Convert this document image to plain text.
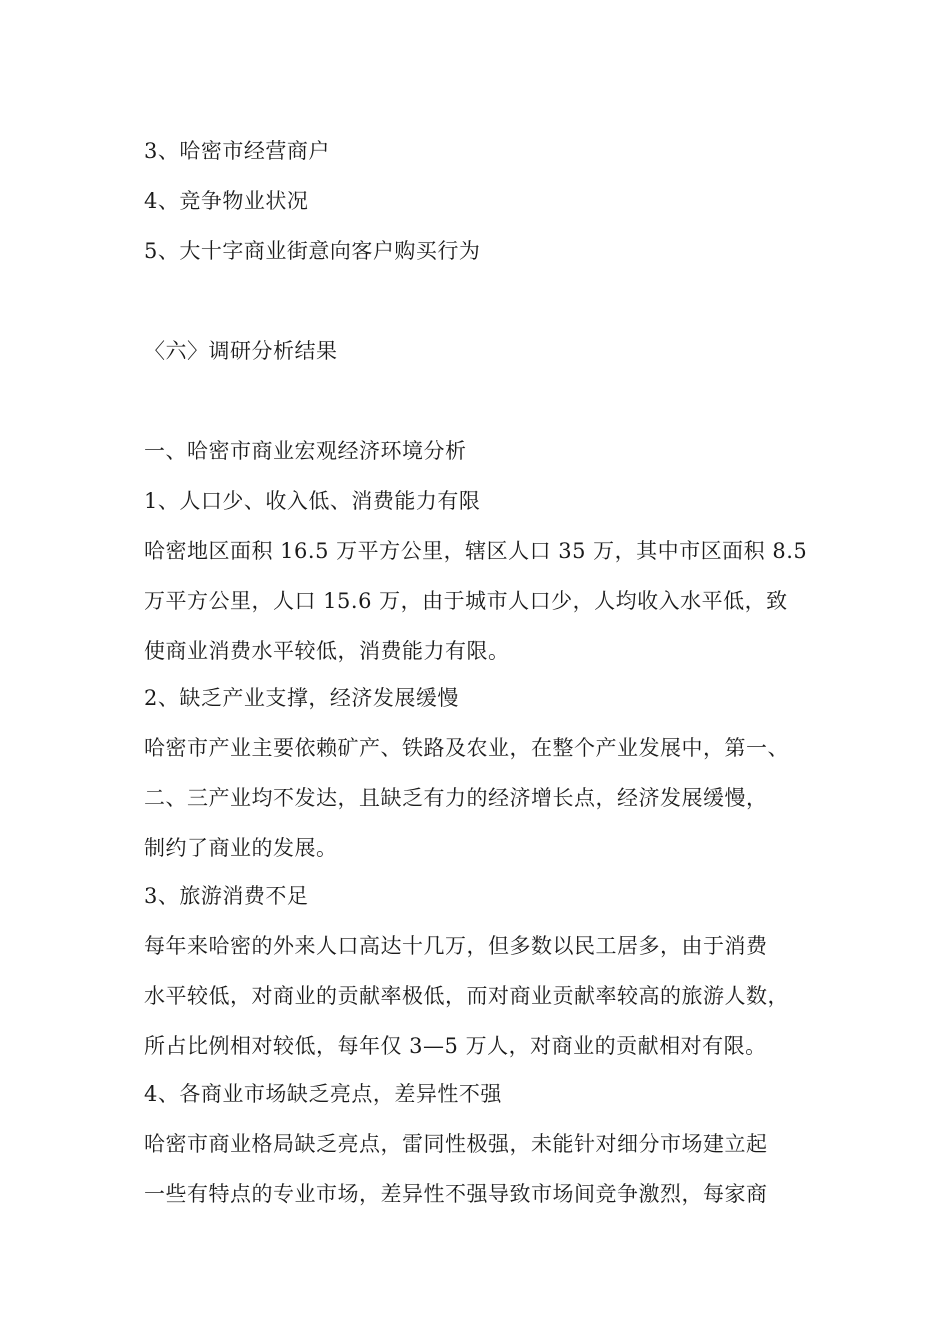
3、哈密市经营商户
4、竞争物业状况
5、大十字商业街意向客户购买行为
〈六〉调研分析结果
一、哈密市商业宏观经济环境分析
1、人口少、收入低、消费能力有限
哈密地区面积 16.5 万平方公里，辖区人口 35 万，其中市区面积 8.5
万平方公里，人口 15.6 万，由于城市人口少，人均收入水平低，致
使商业消费水平较低，消费能力有限。
2、缺乏产业支撑，经济发展缓慢
哈密市产业主要依赖矿产、铁路及农业，在整个产业发展中，第一、
二、三产业均不发达，且缺乏有力的经济增长点，经济发展缓慢，
制约了商业的发展。
3、旅游消费不足
每年来哈密的外来人口高达十几万，但多数以民工居多，由于消费
水平较低，对商业的贡献率极低，而对商业贡献率较高的旅游人数，
所占比例相对较低，每年仅 3—5 万人，对商业的贡献相对有限。
4、各商业市场缺乏亮点，差异性不强
哈密市商业格局缺乏亮点，雷同性极强，未能针对细分市场建立起
一些有特点的专业市场，差异性不强导致市场间竞争激烈，每家商
